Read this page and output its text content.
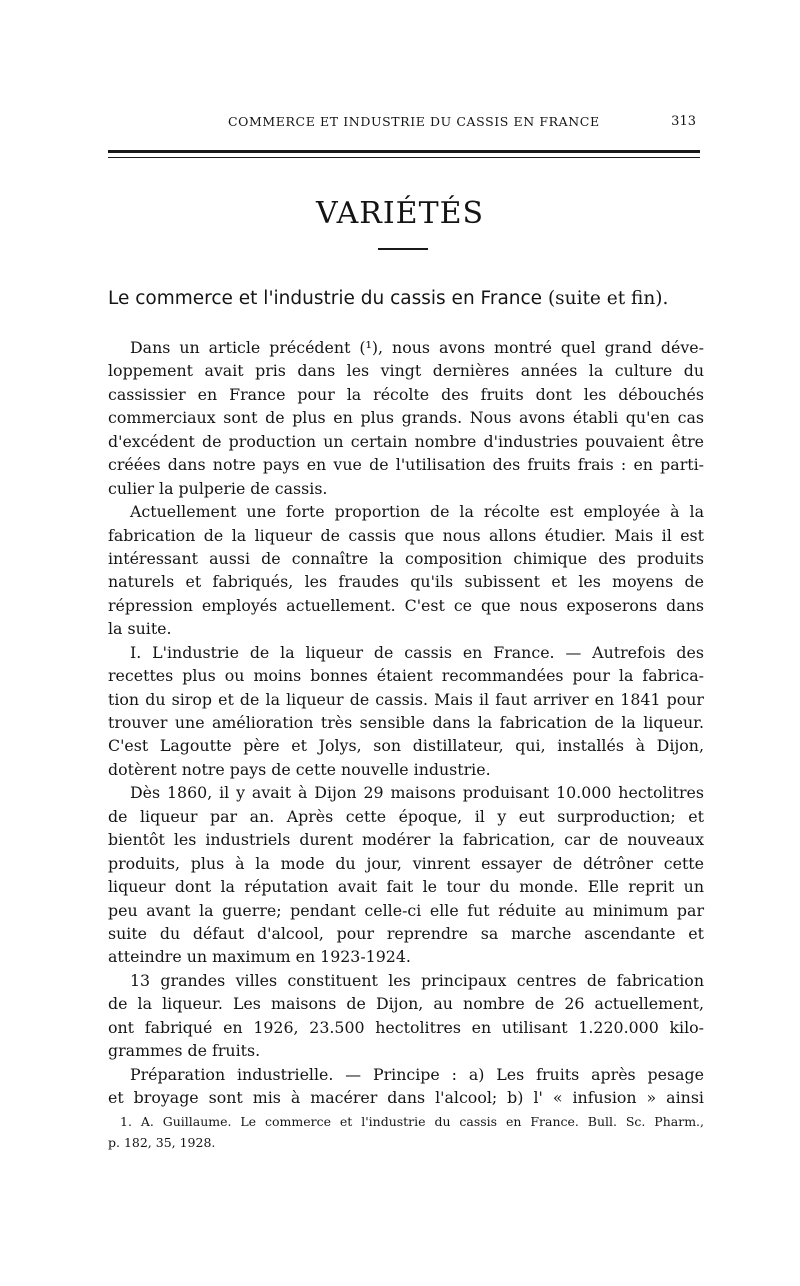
COMMERCE ET INDUSTRIE DU CASSIS EN FRANCE	313
VARIÉTÉS
Le commerce et l'industrie du cassis en France (suite et fin).
Dans un article précédent (¹), nous avons montré quel grand déve-
loppement avait pris dans les vingt dernières années la culture du
cassissier en France pour la récolte des fruits dont les débouchés
commerciaux sont de plus en plus grands. Nous avons établi qu'en cas
d'excédent de production un certain nombre d'industries pouvaient être
créées dans notre pays en vue de l'utilisation des fruits frais : en parti-
culier la pulperie de cassis.
Actuellement une forte proportion de la récolte est employée à la
fabrication de la liqueur de cassis que nous allons étudier. Mais il est
intéressant aussi de connaître la composition chimique des produits
naturels et fabriqués, les fraudes qu'ils subissent et les moyens de
répression employés actuellement. C'est ce que nous exposerons dans
la suite.
I. L'industrie de la liqueur de cassis en France. — Autrefois des
recettes plus ou moins bonnes étaient recommandées pour la fabrica-
tion du sirop et de la liqueur de cassis. Mais il faut arriver en 1841 pour
trouver une amélioration très sensible dans la fabrication de la liqueur.
C'est Lagoutte père et Jolys, son distillateur, qui, installés à Dijon,
dotèrent notre pays de cette nouvelle industrie.
Dès 1860, il y avait à Dijon 29 maisons produisant 10.000 hectolitres
de liqueur par an. Après cette époque, il y eut surproduction; et
bientôt les industriels durent modérer la fabrication, car de nouveaux
produits, plus à la mode du jour, vinrent essayer de détrôner cette
liqueur dont la réputation avait fait le tour du monde. Elle reprit un
peu avant la guerre; pendant celle-ci elle fut réduite au minimum par
suite du défaut d'alcool, pour reprendre sa marche ascendante et
atteindre un maximum en 1923-1924.
13 grandes villes constituent les principaux centres de fabrication
de la liqueur. Les maisons de Dijon, au nombre de 26 actuellement,
ont fabriqué en 1926, 23.500 hectolitres en utilisant 1.220.000 kilo-
grammes de fruits.
Préparation industrielle. — Principe : a) Les fruits après pesage
et broyage sont mis à macérer dans l'alcool; b) l' « infusion » ainsi
1. A. Guillaume. Le commerce et l'industrie du cassis en France. Bull. Sc. Pharm.,
p. 182, 35, 1928.
